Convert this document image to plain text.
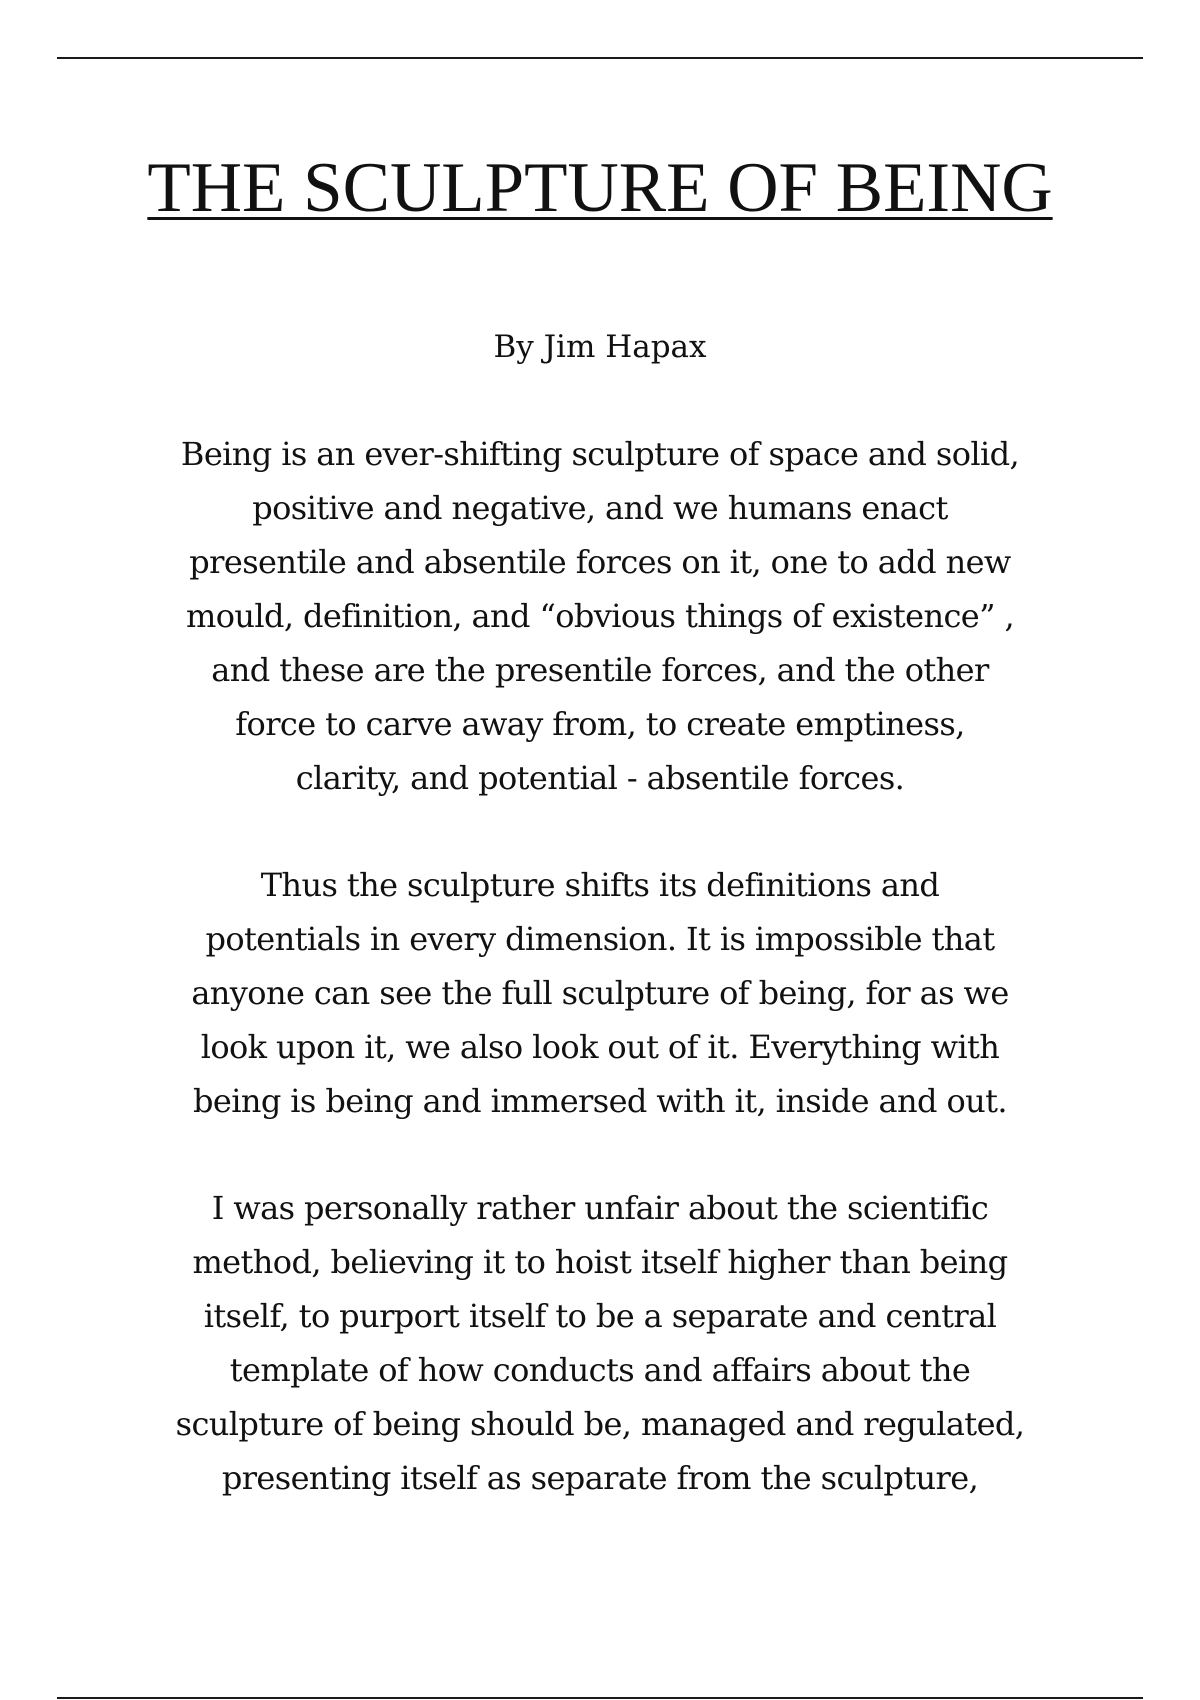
THE SCULPTURE OF BEING

By Jim Hapax

Being is an ever-shifting sculpture of space and solid,
positive and negative, and we humans enact
presentile and absentile forces on it, one to add new
mould, definition, and “obvious things of existence” ,
and these are the presentile forces, and the other
force to carve away from, to create emptiness,
clarity, and potential - absentile forces.

Thus the sculpture shifts its definitions and
potentials in every dimension. It is impossible that
anyone can see the full sculpture of being, for as we
look upon it, we also look out of it. Everything with
being is being and immersed with it, inside and out.

I was personally rather unfair about the scientific
method, believing it to hoist itself higher than being
itself, to purport itself to be a separate and central
template of how conducts and affairs about the
sculpture of being should be, managed and regulated,
presenting itself as separate from the sculpture,
